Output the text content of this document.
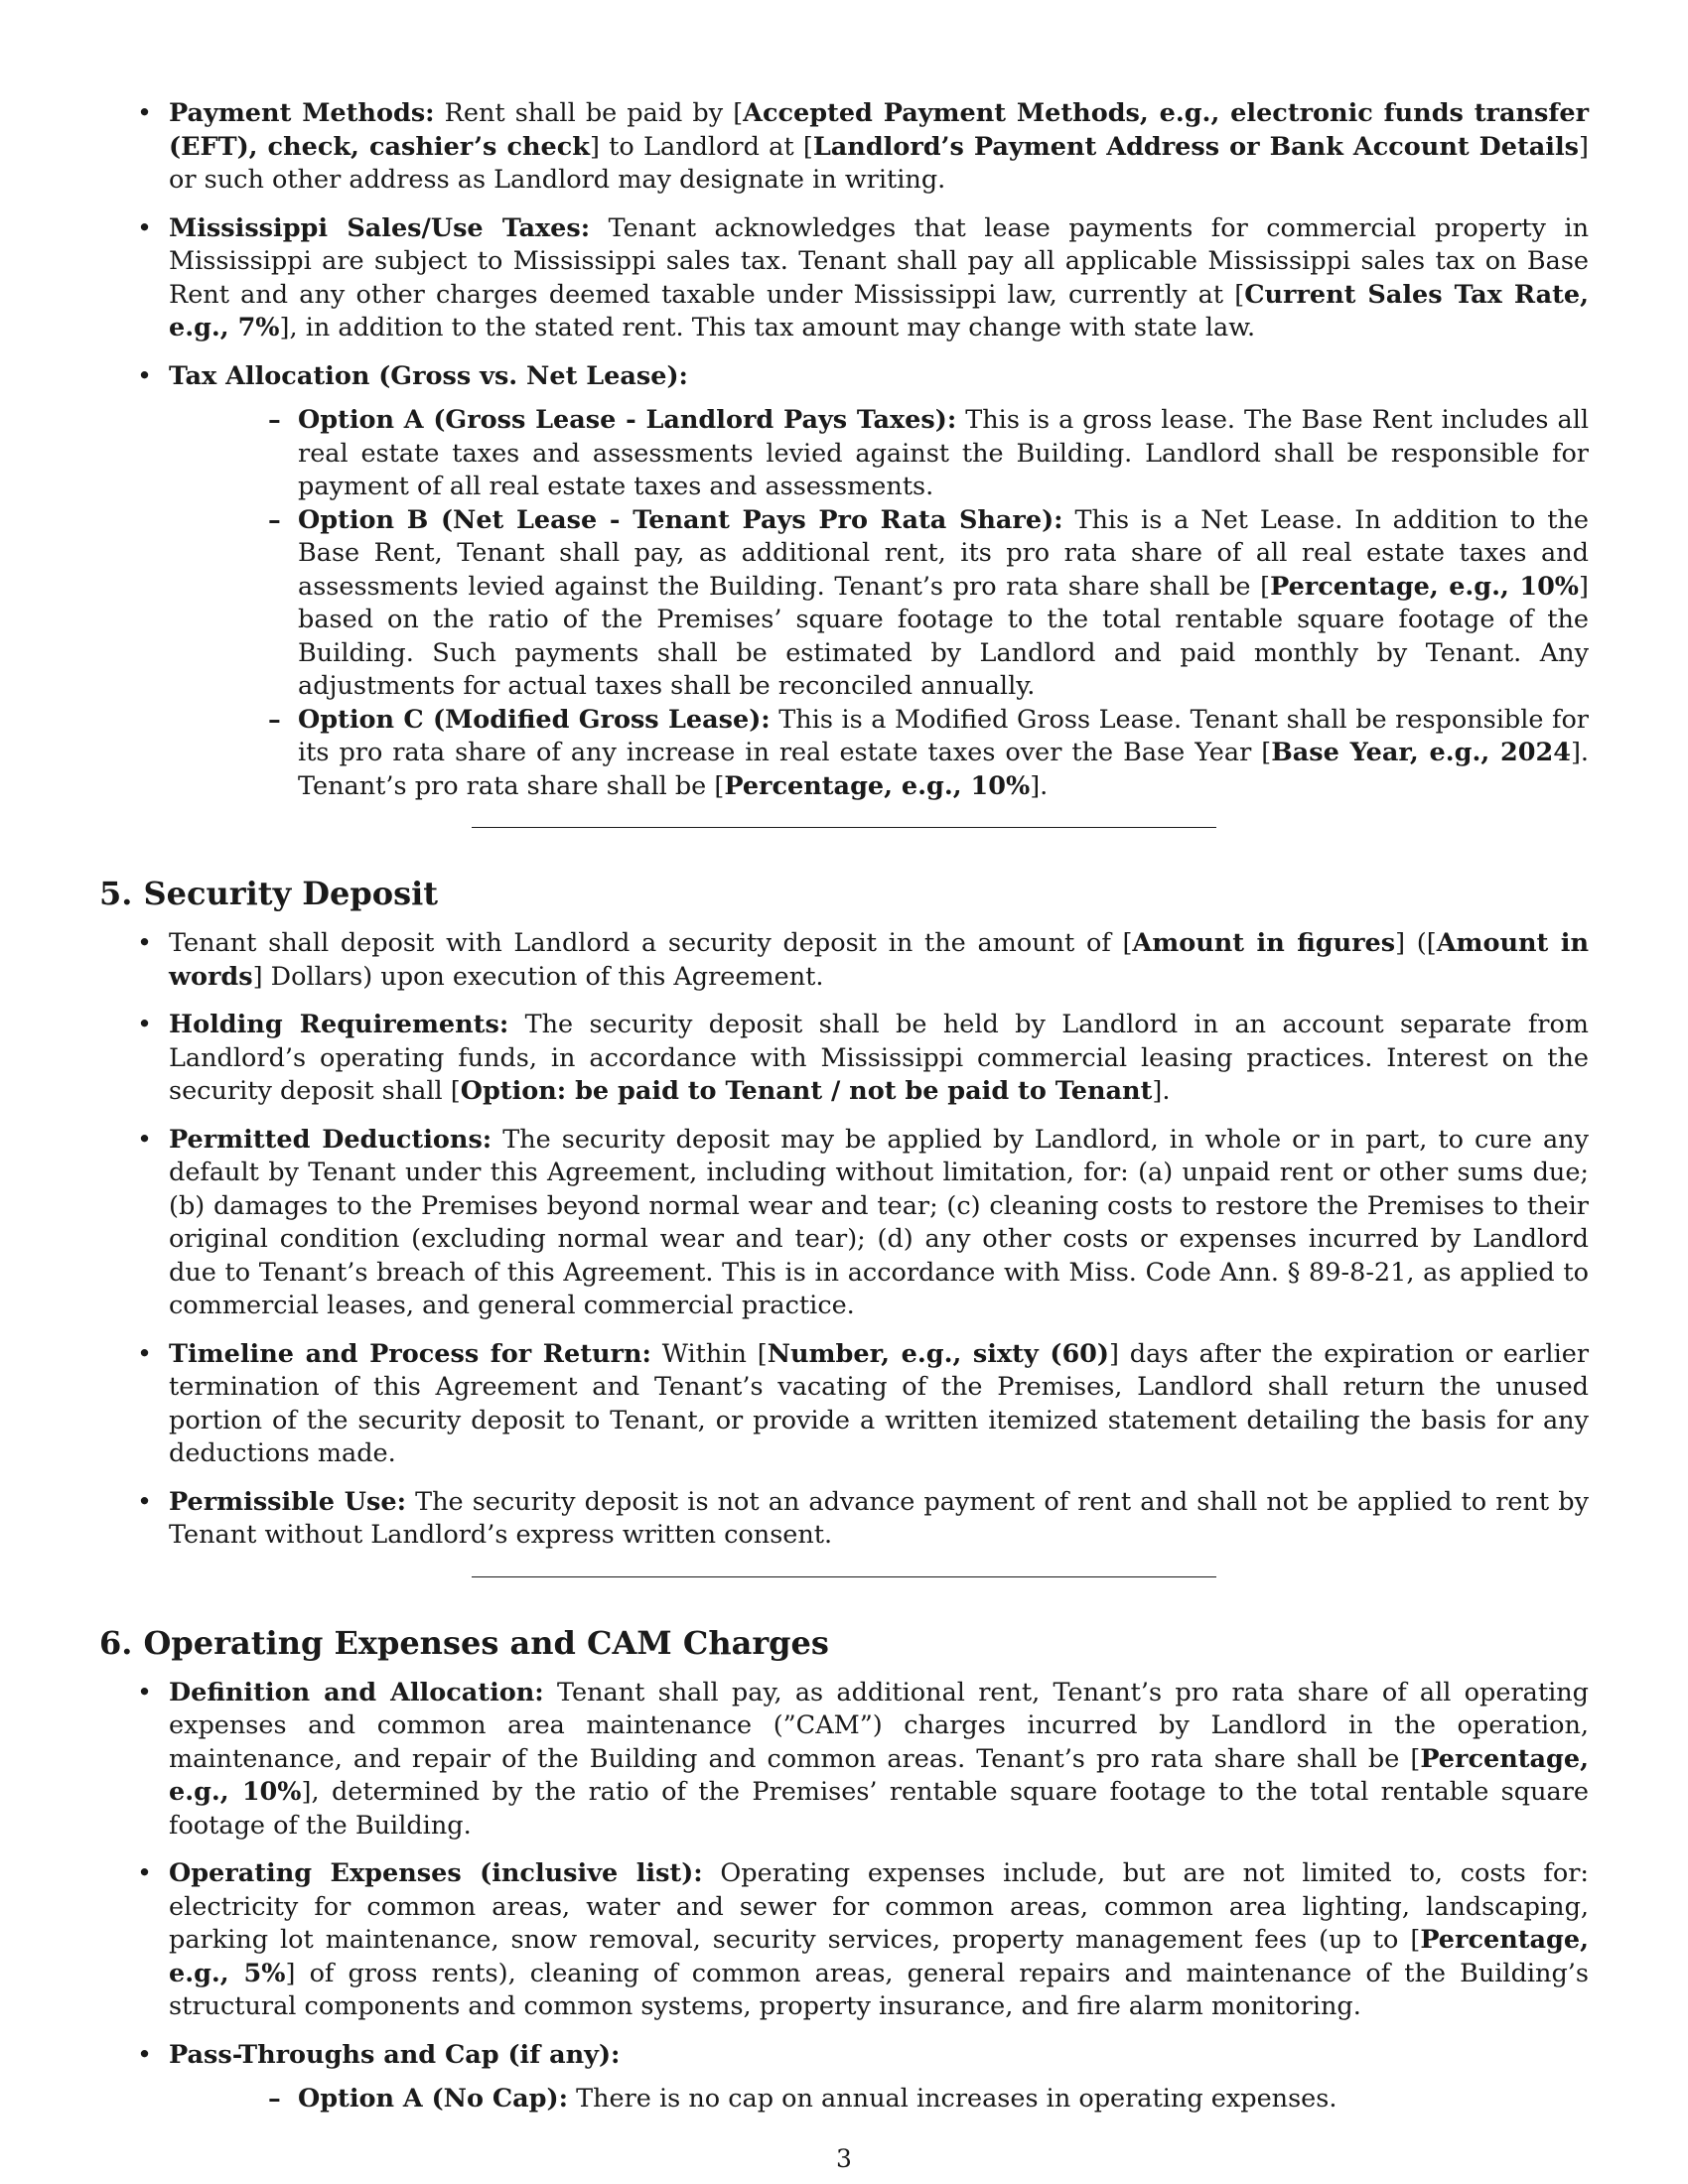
• Payment Methods: Rent shall be paid by [Accepted Payment Methods, e.g., electronic funds transfer (EFT), check, cashier’s check] to Landlord at [Landlord’s Payment Address or Bank Account Details] or such other address as Landlord may designate in writing.
• Mississippi Sales/Use Taxes: Tenant acknowledges that lease payments for commercial property in Mississippi are subject to Mississippi sales tax. Tenant shall pay all applicable Mississippi sales tax on Base Rent and any other charges deemed taxable under Mississippi law, currently at [Current Sales Tax Rate, e.g., 7%], in addition to the stated rent. This tax amount may change with state law.
• Tax Allocation (Gross vs. Net Lease):
– Option A (Gross Lease - Landlord Pays Taxes): This is a gross lease. The Base Rent includes all real estate taxes and assessments levied against the Building. Landlord shall be responsible for payment of all real estate taxes and assessments.
– Option B (Net Lease - Tenant Pays Pro Rata Share): This is a Net Lease. In addition to the Base Rent, Tenant shall pay, as additional rent, its pro rata share of all real estate taxes and assessments levied against the Building. Tenant’s pro rata share shall be [Percentage, e.g., 10%] based on the ratio of the Premises’ square footage to the total rentable square footage of the Building. Such payments shall be estimated by Landlord and paid monthly by Tenant. Any adjustments for actual taxes shall be reconciled annually.
– Option C (Modified Gross Lease): This is a Modified Gross Lease. Tenant shall be responsible for its pro rata share of any increase in real estate taxes over the Base Year [Base Year, e.g., 2024]. Tenant’s pro rata share shall be [Percentage, e.g., 10%].
5. Security Deposit
• Tenant shall deposit with Landlord a security deposit in the amount of [Amount in figures] ([Amount in words] Dollars) upon execution of this Agreement.
• Holding Requirements: The security deposit shall be held by Landlord in an account separate from Landlord’s operating funds, in accordance with Mississippi commercial leasing practices. Interest on the security deposit shall [Option: be paid to Tenant / not be paid to Tenant].
• Permitted Deductions: The security deposit may be applied by Landlord, in whole or in part, to cure any default by Tenant under this Agreement, including without limitation, for: (a) unpaid rent or other sums due; (b) damages to the Premises beyond normal wear and tear; (c) cleaning costs to restore the Premises to their original condition (excluding normal wear and tear); (d) any other costs or expenses incurred by Landlord due to Tenant’s breach of this Agreement. This is in accordance with Miss. Code Ann. § 89-8-21, as applied to commercial leases, and general commercial practice.
• Timeline and Process for Return: Within [Number, e.g., sixty (60)] days after the expiration or earlier termination of this Agreement and Tenant’s vacating of the Premises, Landlord shall return the unused portion of the security deposit to Tenant, or provide a written itemized statement detailing the basis for any deductions made.
• Permissible Use: The security deposit is not an advance payment of rent and shall not be applied to rent by Tenant without Landlord’s express written consent.
6. Operating Expenses and CAM Charges
• Definition and Allocation: Tenant shall pay, as additional rent, Tenant’s pro rata share of all operating expenses and common area maintenance (”CAM”) charges incurred by Landlord in the operation, maintenance, and repair of the Building and common areas. Tenant’s pro rata share shall be [Percentage, e.g., 10%], determined by the ratio of the Premises’ rentable square footage to the total rentable square footage of the Building.
• Operating Expenses (inclusive list): Operating expenses include, but are not limited to, costs for: electricity for common areas, water and sewer for common areas, common area lighting, landscaping, parking lot maintenance, snow removal, security services, property management fees (up to [Percentage, e.g., 5%] of gross rents), cleaning of common areas, general repairs and maintenance of the Building’s structural components and common systems, property insurance, and fire alarm monitoring.
• Pass-Throughs and Cap (if any):
– Option A (No Cap): There is no cap on annual increases in operating expenses.
3
